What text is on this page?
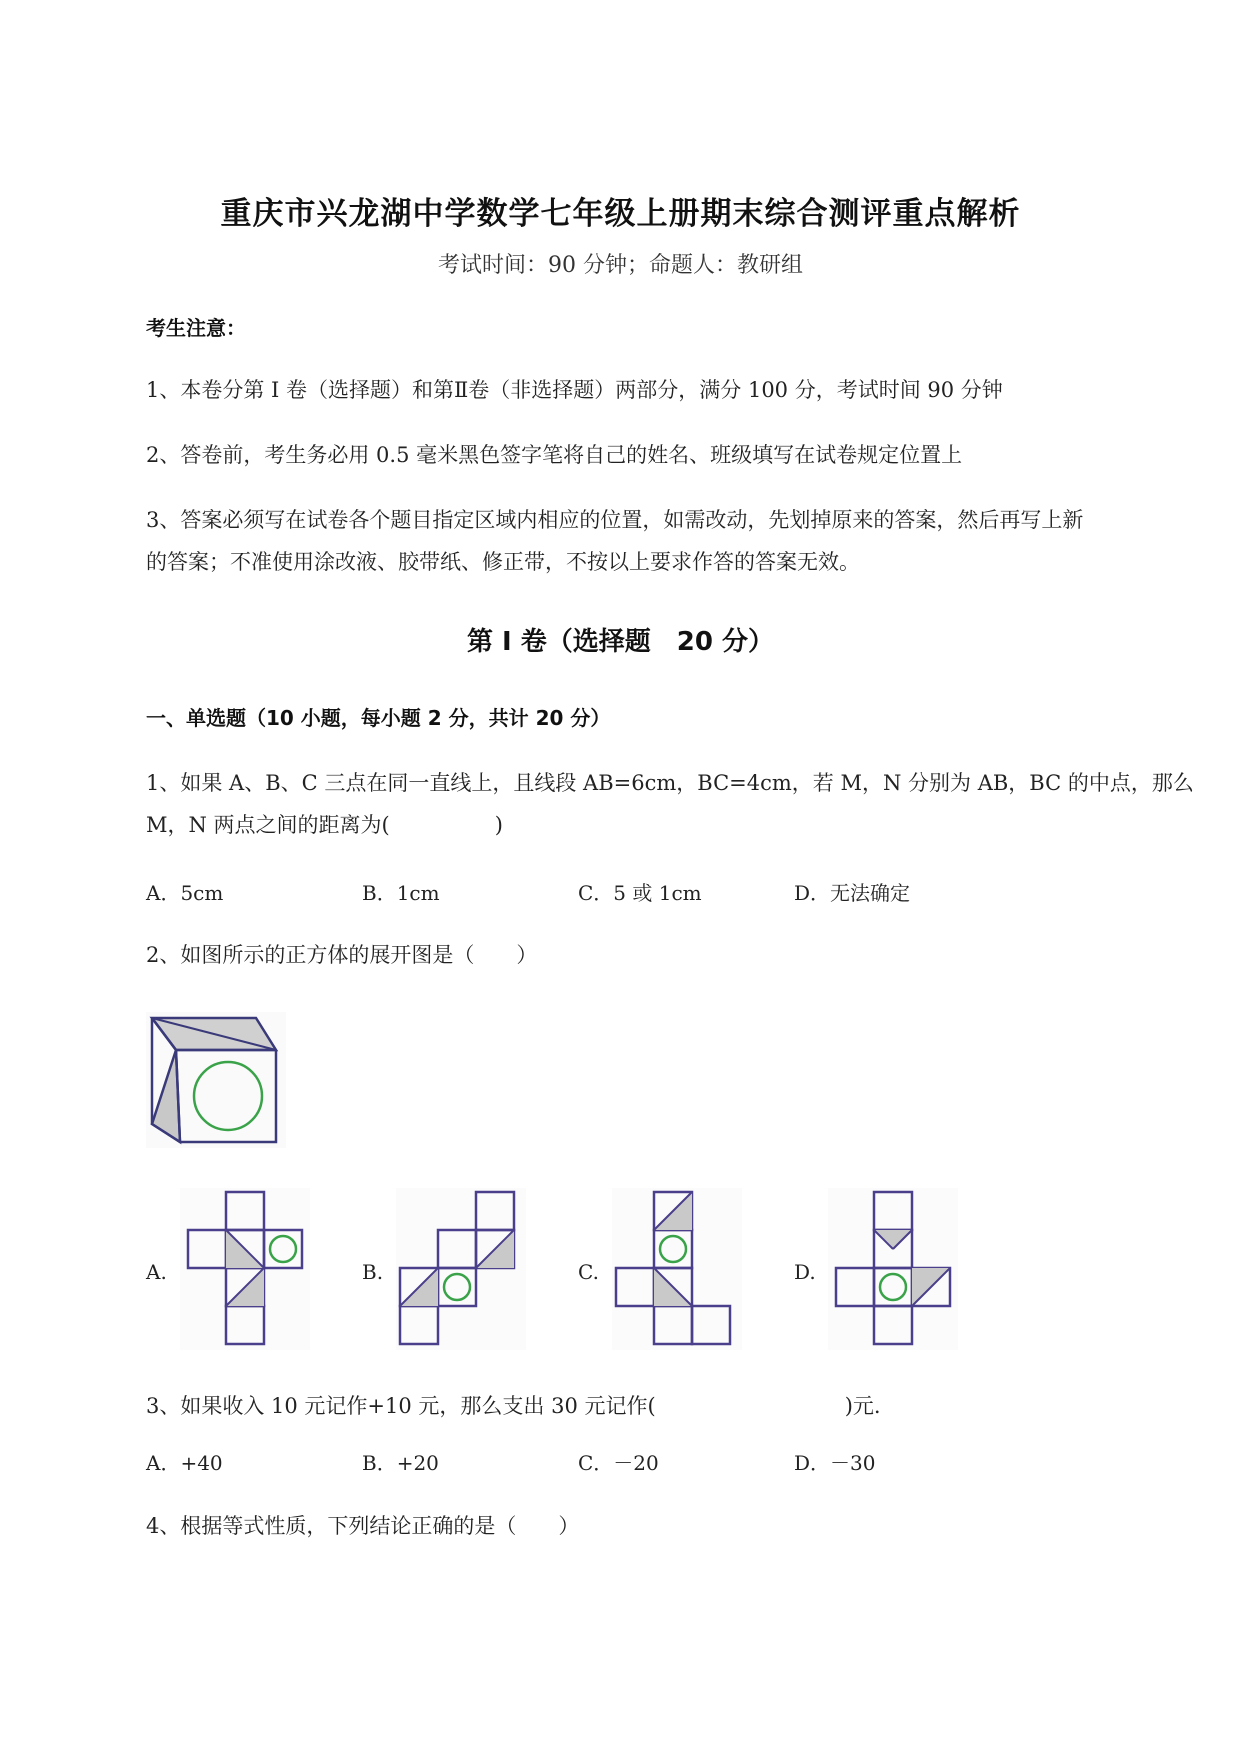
重庆市兴龙湖中学数学七年级上册期末综合测评重点解析
考试时间：90 分钟；命题人：教研组
考生注意：
1、本卷分第 I 卷（选择题）和第Ⅱ卷（非选择题）两部分，满分 100 分，考试时间 90 分钟
2、答卷前，考生务必用 0.5 毫米黑色签字笔将自己的姓名、班级填写在试卷规定位置上
3、答案必须写在试卷各个题目指定区域内相应的位置，如需改动，先划掉原来的答案，然后再写上新
的答案；不准使用涂改液、胶带纸、修正带，不按以上要求作答的答案无效。
第 I 卷（选择题　20 分）
一、单选题（10 小题，每小题 2 分，共计 20 分）
1、如果 A、B、C 三点在同一直线上，且线段 AB=6cm，BC=4cm，若 M，N 分别为 AB，BC 的中点，那么
M，N 两点之间的距离为(　　　　　)
A．5cm	B．1cm	C．5 或 1cm	D．无法确定
2、如图所示的正方体的展开图是（　　）
A.	B.	C.	D.
3、如果收入 10 元记作+10 元，那么支出 30 元记作(　　　　　　　　　)元.
A．+40	B．+20	C．－20	D．－30
4、根据等式性质，下列结论正确的是（　　）
